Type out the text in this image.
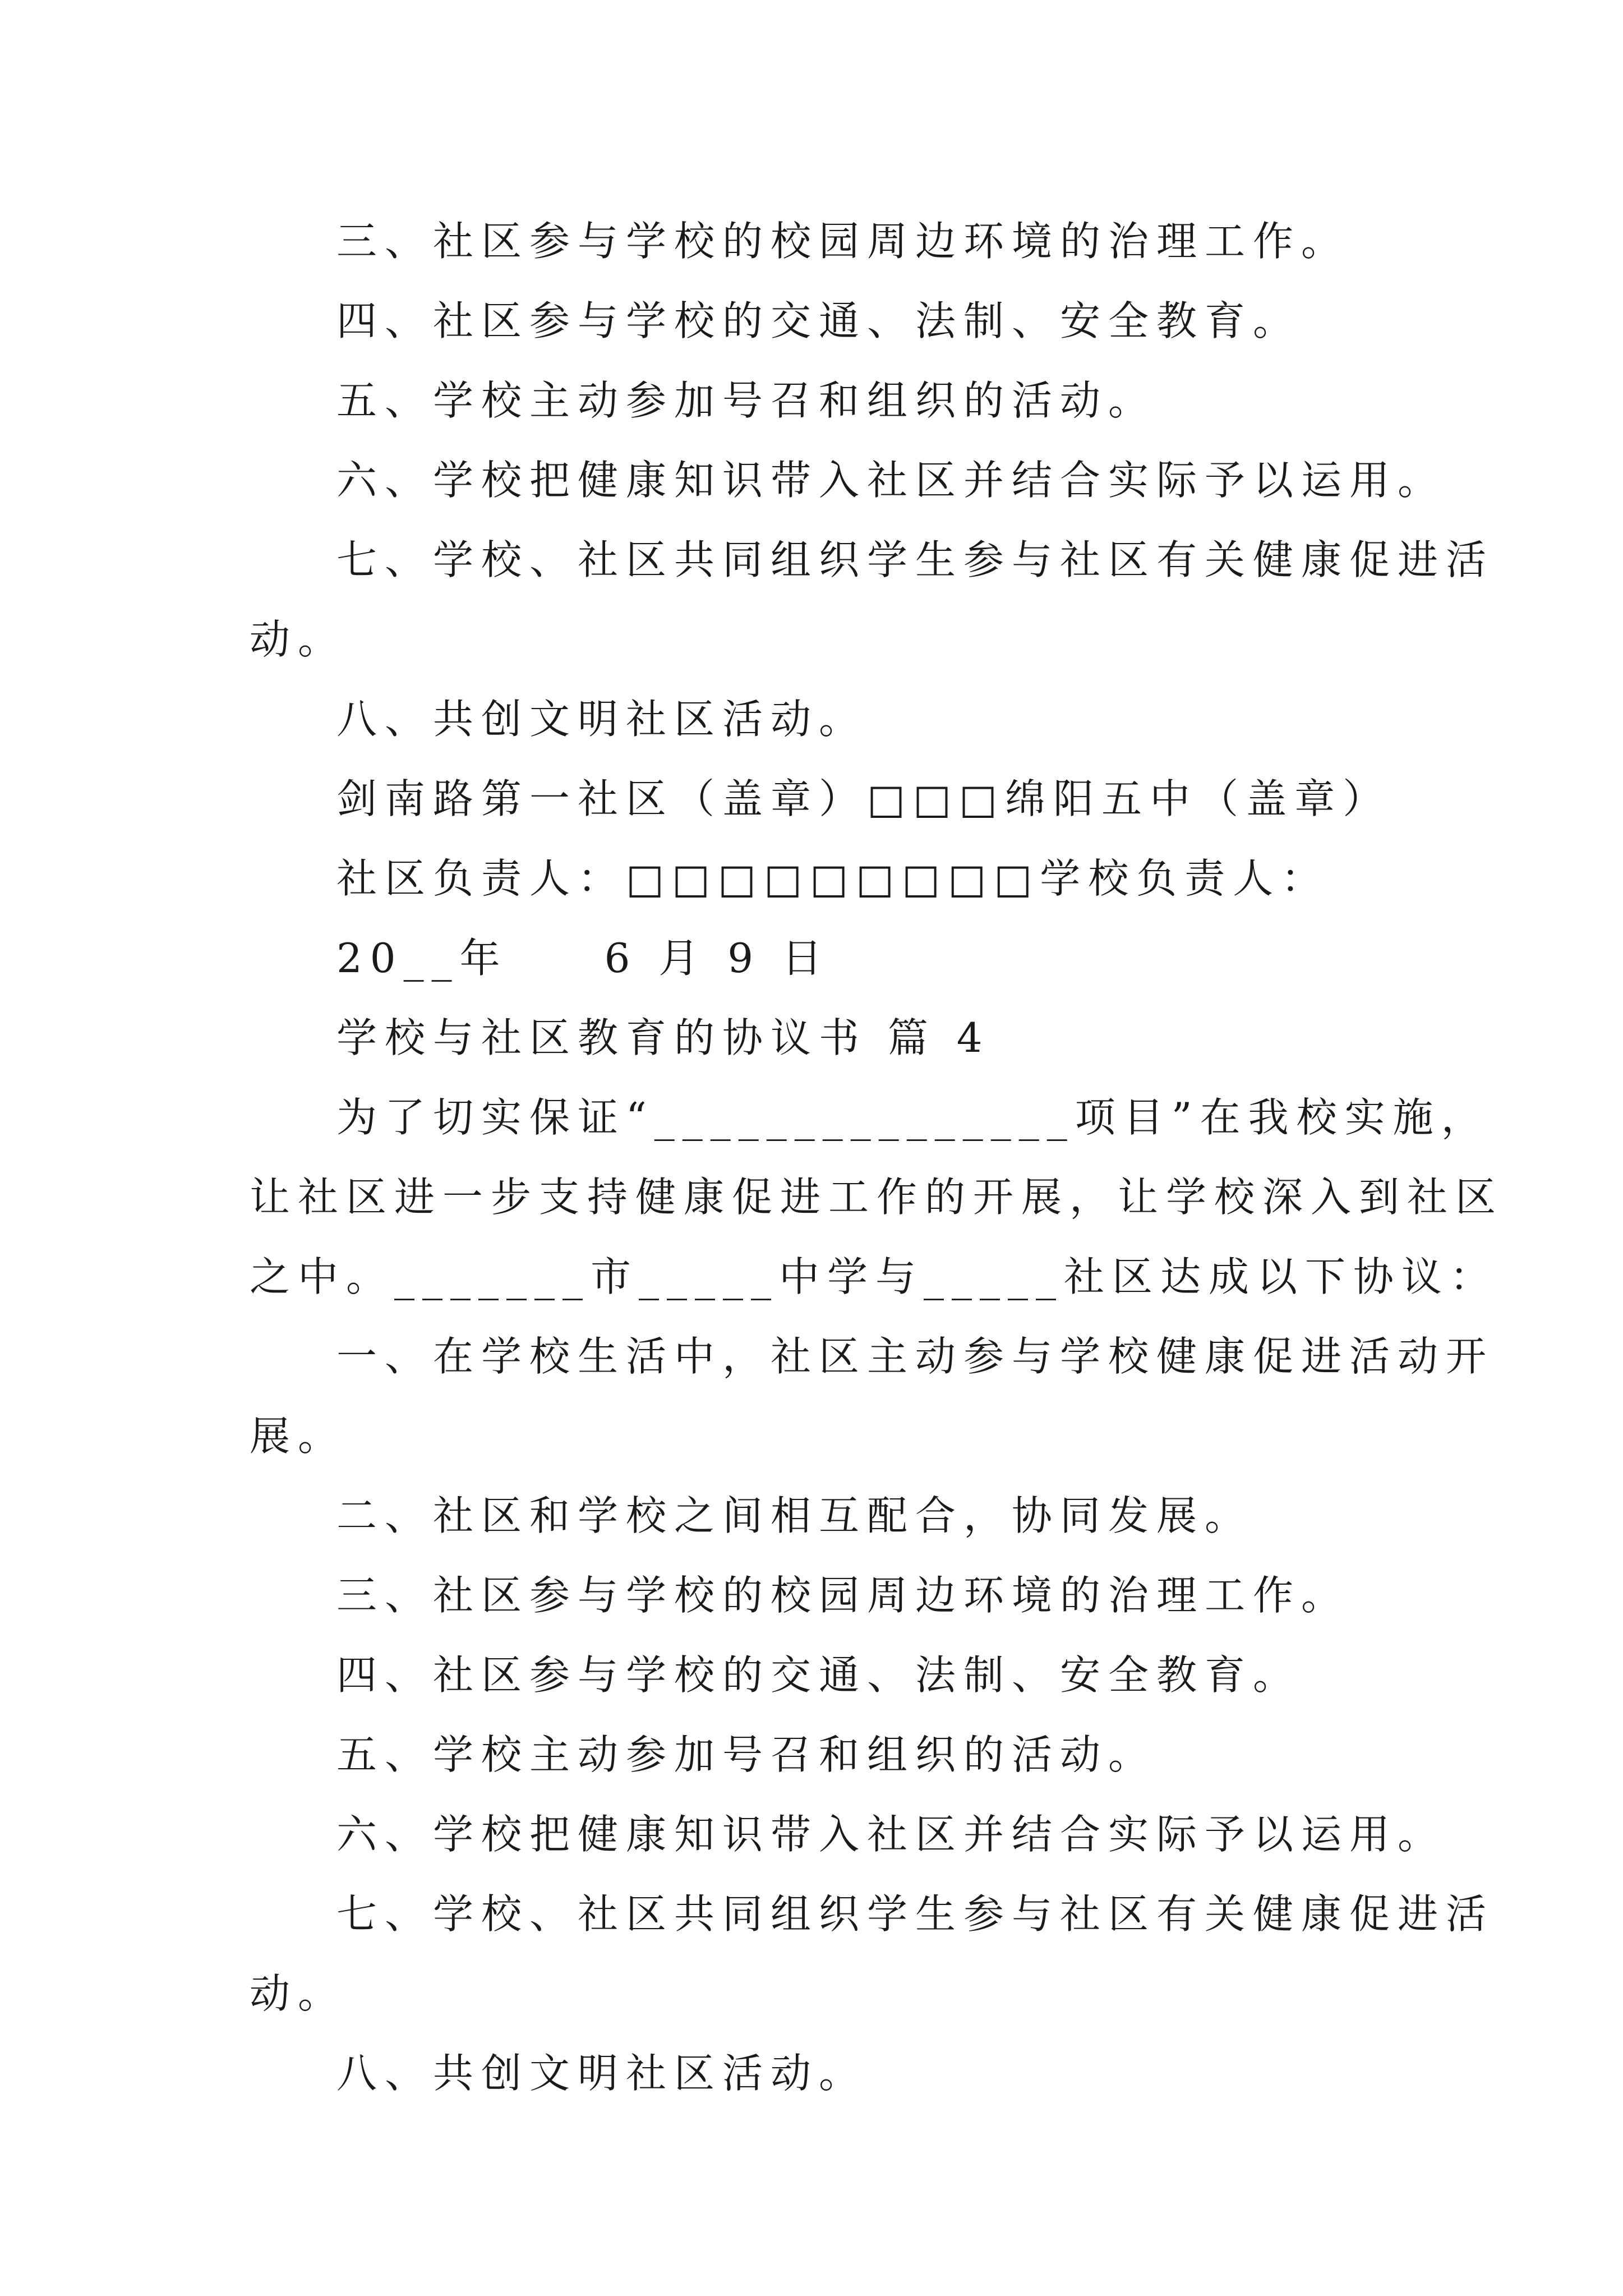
三、社区参与学校的校园周边环境的治理工作。
四、社区参与学校的交通、法制、安全教育。
五、学校主动参加号召和组织的活动。
六、学校把健康知识带入社区并结合实际予以运用。
七、学校、社区共同组织学生参与社区有关健康促进活
动。
八、共创文明社区活动。
剑南路第一社区（盖章）□□□绵阳五中（盖章）
社区负责人：□□□□□□□□□学校负责人：
20__年　　6 月 9 日
学校与社区教育的协议书 篇 4
为了切实保证“_______________项目”在我校实施，
让社区进一步支持健康促进工作的开展，让学校深入到社区
之中。_______市_____中学与_____社区达成以下协议：
一、在学校生活中，社区主动参与学校健康促进活动开
展。
二、社区和学校之间相互配合，协同发展。
三、社区参与学校的校园周边环境的治理工作。
四、社区参与学校的交通、法制、安全教育。
五、学校主动参加号召和组织的活动。
六、学校把健康知识带入社区并结合实际予以运用。
七、学校、社区共同组织学生参与社区有关健康促进活
动。
八、共创文明社区活动。
